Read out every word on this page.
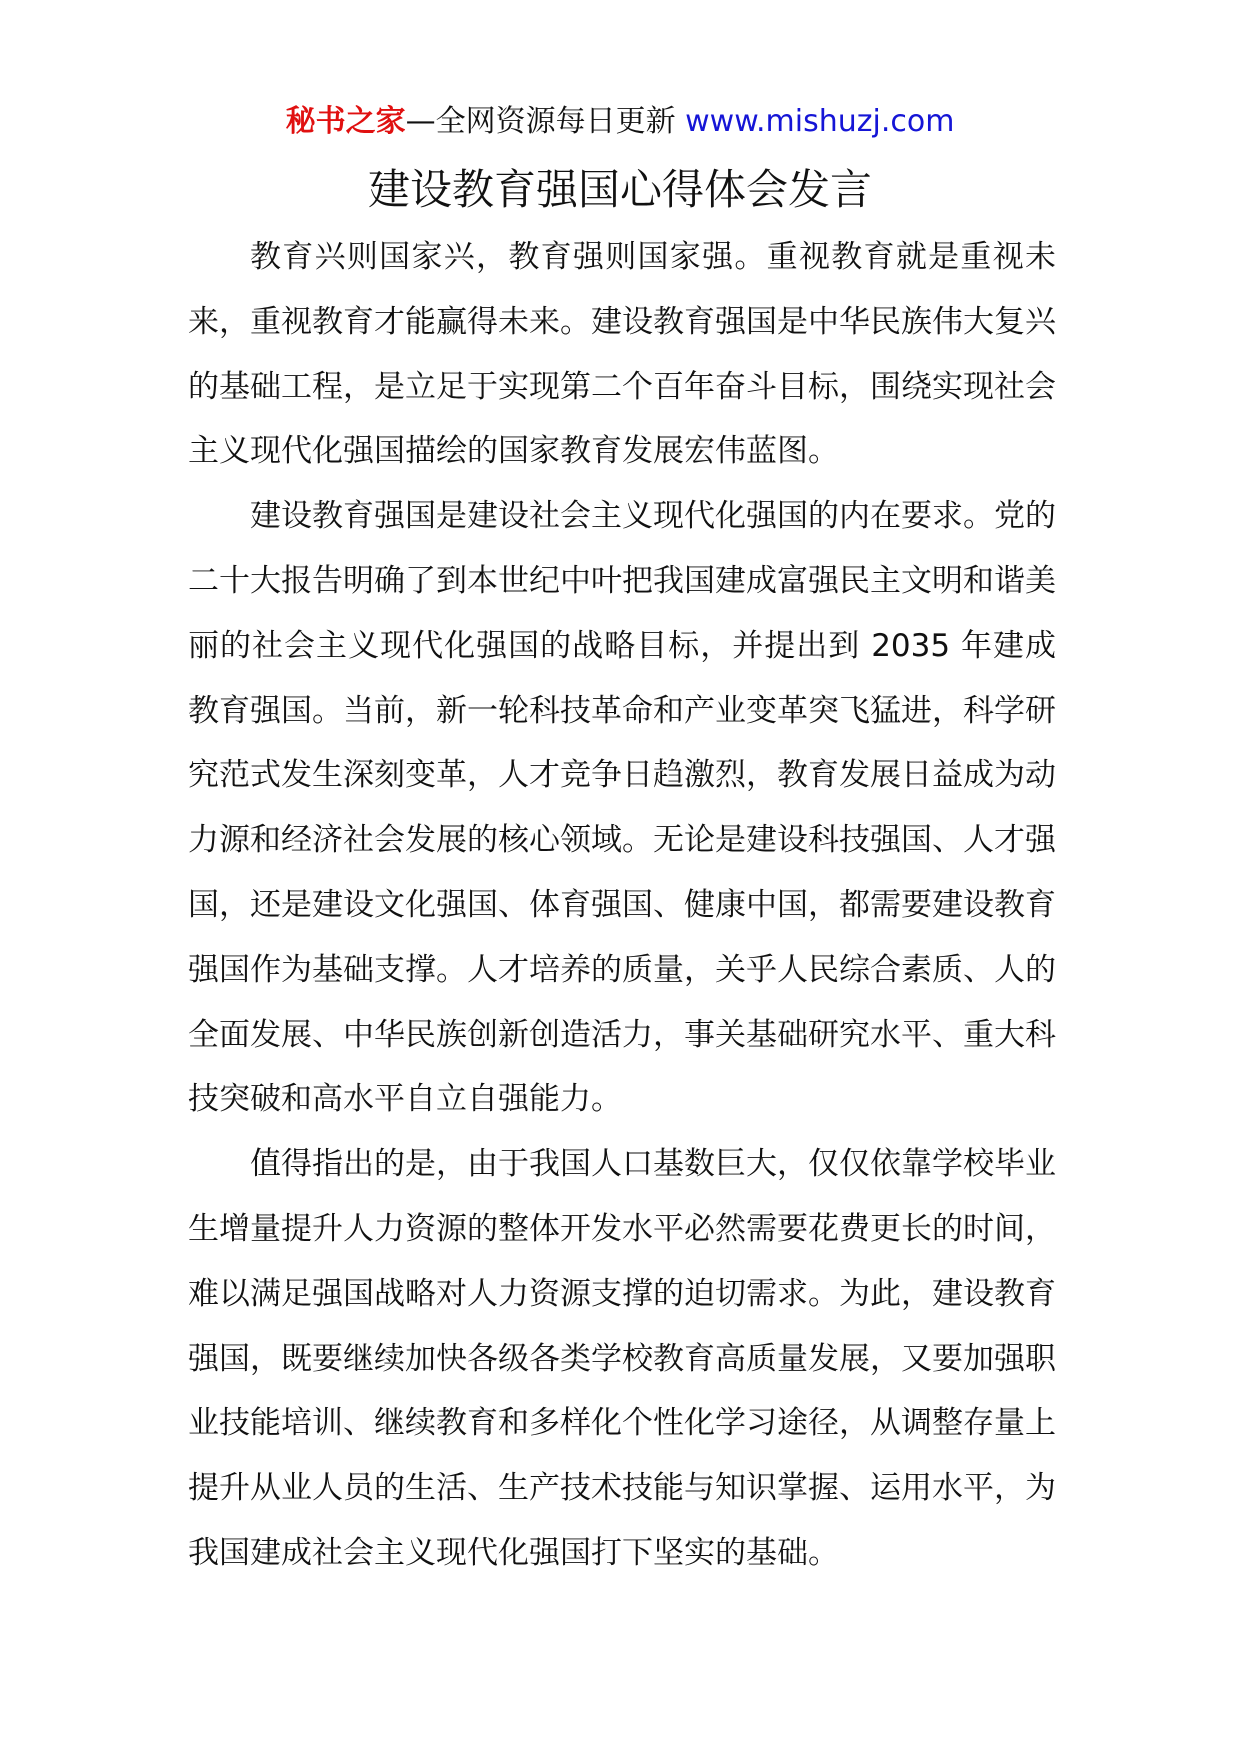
秘书之家—全网资源每日更新 www.mishuzj.com
建设教育强国心得体会发言

教育兴则国家兴，教育强则国家强。重视教育就是重视未来，重视教育才能赢得未来。建设教育强国是中华民族伟大复兴的基础工程，是立足于实现第二个百年奋斗目标，围绕实现社会主义现代化强国描绘的国家教育发展宏伟蓝图。

建设教育强国是建设社会主义现代化强国的内在要求。党的二十大报告明确了到本世纪中叶把我国建成富强民主文明和谐美丽的社会主义现代化强国的战略目标，并提出到 2035 年建成教育强国。当前，新一轮科技革命和产业变革突飞猛进，科学研究范式发生深刻变革，人才竞争日趋激烈，教育发展日益成为动力源和经济社会发展的核心领域。无论是建设科技强国、人才强国，还是建设文化强国、体育强国、健康中国，都需要建设教育强国作为基础支撑。人才培养的质量，关乎人民综合素质、人的全面发展、中华民族创新创造活力，事关基础研究水平、重大科技突破和高水平自立自强能力。

值得指出的是，由于我国人口基数巨大，仅仅依靠学校毕业生增量提升人力资源的整体开发水平必然需要花费更长的时间，难以满足强国战略对人力资源支撑的迫切需求。为此，建设教育强国，既要继续加快各级各类学校教育高质量发展，又要加强职业技能培训、继续教育和多样化个性化学习途径，从调整存量上提升从业人员的生活、生产技术技能与知识掌握、运用水平，为我国建成社会主义现代化强国打下坚实的基础。
